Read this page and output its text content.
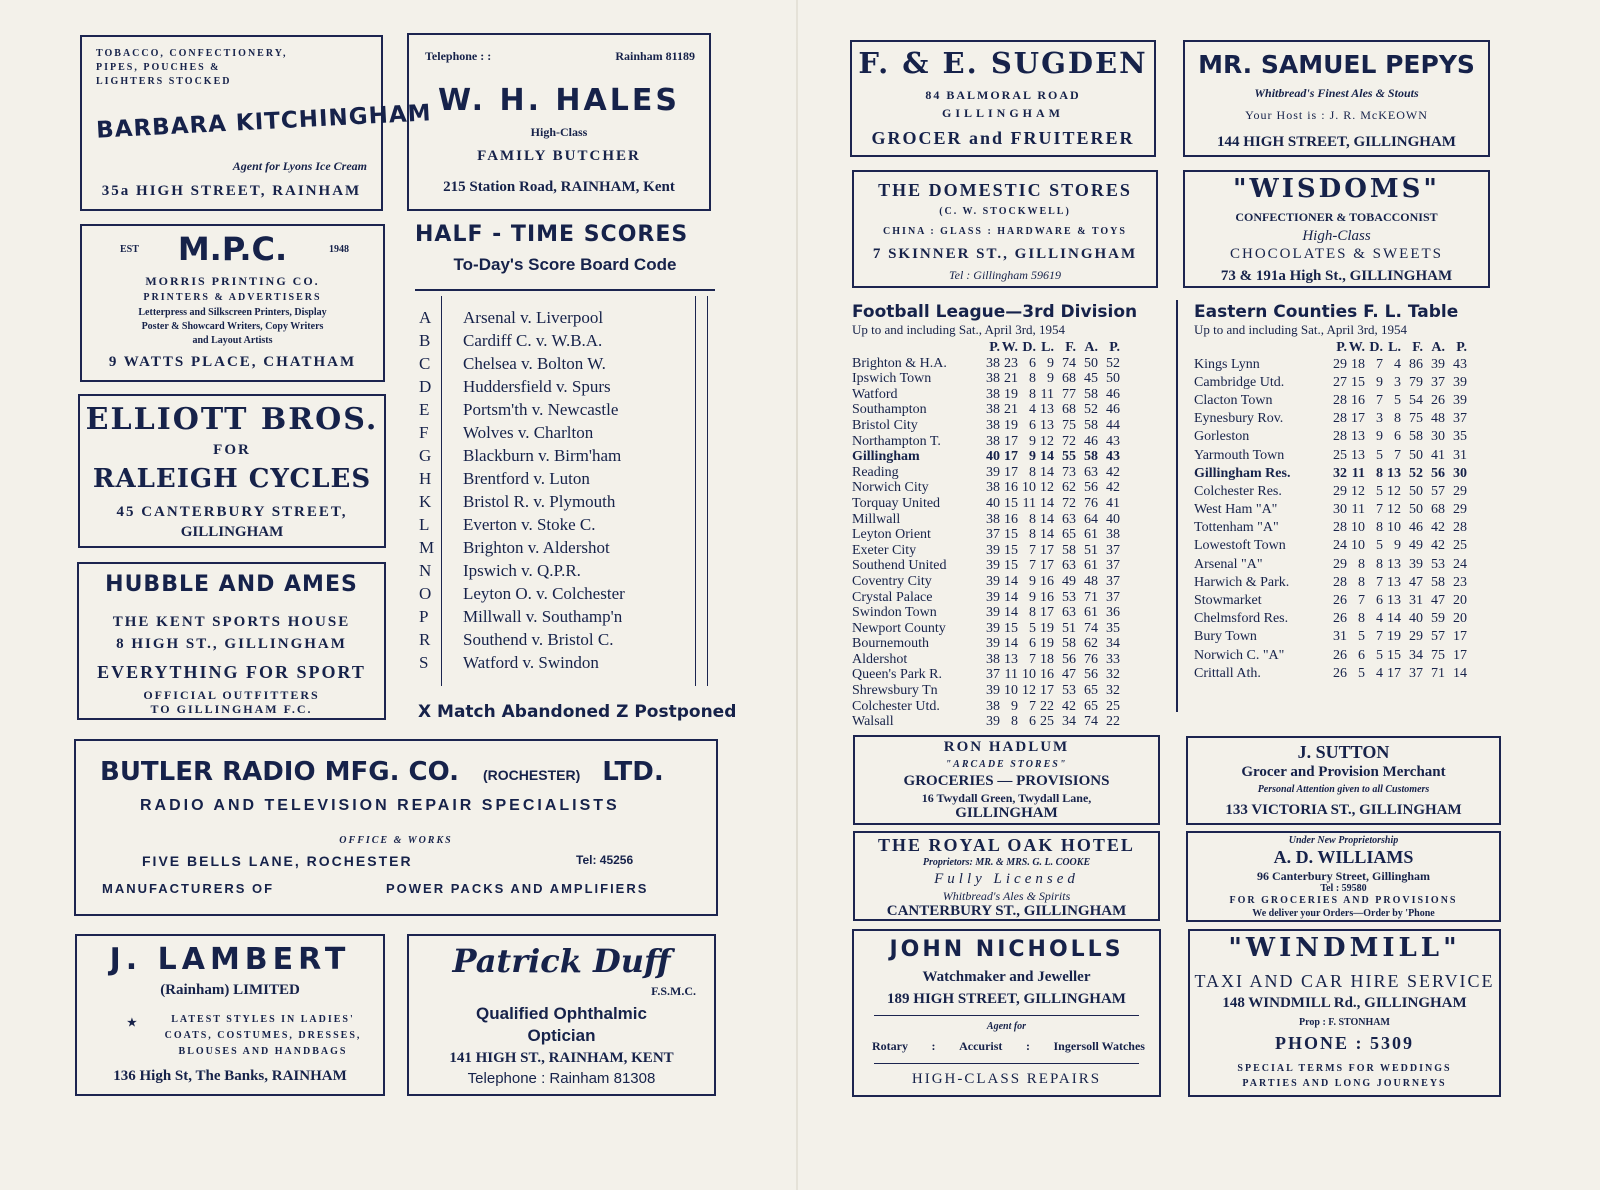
TOBACCO, CONFECTIONERY,
PIPES, POUCHES &
LIGHTERS STOCKED
BARBARA KITCHINGHAM
Agent for Lyons Ice Cream
35a HIGH STREET, RAINHAM
Telephone : :	Rainham 81189
W. H. HALES
High-Class
FAMILY BUTCHER
215 Station Road, RAINHAM, Kent
EST	1948
M.P.C.
MORRIS PRINTING CO.
PRINTERS & ADVERTISERS
Letterpress and Silkscreen Printers, Display
Poster & Showcard Writers, Copy Writers
and Layout Artists
9 WATTS PLACE, CHATHAM
ELLIOTT BROS.
FOR
RALEIGH CYCLES
45 CANTERBURY STREET,
GILLINGHAM
HUBBLE AND AMES
THE KENT SPORTS HOUSE
8 HIGH ST., GILLINGHAM
EVERYTHING FOR SPORT
OFFICIAL OUTFITTERS
TO GILLINGHAM F.C.
BUTLER RADIO MFG. CO. (ROCHESTER) LTD.
RADIO AND TELEVISION REPAIR SPECIALISTS
OFFICE & WORKS
FIVE BELLS LANE, ROCHESTER	Tel: 45256
MANUFACTURERS OF	POWER PACKS AND AMPLIFIERS
J. LAMBERT
(Rainham) LIMITED
★	LATEST STYLES IN LADIES'
COATS, COSTUMES, DRESSES,
BLOUSES AND HANDBAGS
136 High St, The Banks, RAINHAM
Patrick Duff
F.S.M.C.
Qualified Ophthalmic
Optician
141 HIGH ST., RAINHAM, KENT
Telephone : Rainham 81308
HALF - TIME SCORES
To-Day's Score Board Code
A	Arsenal v. Liverpool
B	Cardiff C. v. W.B.A.
C	Chelsea v. Bolton W.
D	Huddersfield v. Spurs
E	Portsm'th v. Newcastle
F	Wolves v. Charlton
G	Blackburn v. Birm'ham
H	Brentford v. Luton
K	Bristol R. v. Plymouth
L	Everton v. Stoke C.
M Brighton v. Aldershot
N	Ipswich v. Q.P.R.
O	Leyton O. v. Colchester
P	Millwall v. Southamp'n
R	Southend v. Bristol C.
S	Watford v. Swindon
X Match Abandoned Z Postponed
F. & E. SUGDEN
84 BALMORAL ROAD
GILLINGHAM
GROCER and FRUITERER
MR. SAMUEL PEPYS
Whitbread's Finest Ales & Stouts
Your Host is : J. R. McKEOWN
144 HIGH STREET, GILLINGHAM
THE DOMESTIC STORES
(C. W. STOCKWELL)
CHINA : GLASS : HARDWARE & TOYS
7 SKINNER ST., GILLINGHAM
Tel : Gillingham 59619
"WISDOMS"
CONFECTIONER & TOBACCONIST
High-Class
CHOCOLATES & SWEETS
73 & 191a High St., GILLINGHAM
Football League—3rd Division
Up to and including Sat., April 3rd, 1954
P. W. D. L. F. A. P.
Brighton & H.A.	38 23 6 9 74 50 52
Ipswich Town	38 21 8 9 68 45 50
Watford	38 19 8 11 77 58 46
Southampton	38 21 4 13 68 52 46
Bristol City	38 19 6 13 75 58 44
Northampton T.	38 17 9 12 72 46 43
Gillingham	40 17 9 14 55 58 43
Reading	39 17 8 14 73 63 42
Norwich City	38 16 10 12 62 56 42
Torquay United	40 15 11 14 72 76 41
Millwall	38 16 8 14 63 64 40
Leyton Orient	37 15 8 14 65 61 38
Exeter City	39 15 7 17 58 51 37
Southend United	39 15 7 17 63 61 37
Coventry City	39 14 9 16 49 48 37
Crystal Palace	39 14 9 16 53 71 37
Swindon Town	39 14 8 17 63 61 36
Newport County	39 15 5 19 51 74 35
Bournemouth	39 14 6 19 58 62 34
Aldershot	38 13 7 18 56 76 33
Queen's Park R.	37 11 10 16 47 56 32
Shrewsbury Tn	39 10 12 17 53 65 32
Colchester Utd.	38 9 7 22 42 65 25
Walsall	39 8 6 25 34 74 22
Eastern Counties F. L. Table
Up to and including Sat., April 3rd, 1954
P. W. D. L. F. A. P.
Kings Lynn	29 18 7 4 86 39 43
Cambridge Utd.	27 15 9 3 79 37 39
Clacton Town	28 16 7 5 54 26 39
Eynesbury Rov.	28 17 3 8 75 48 37
Gorleston	28 13 9 6 58 30 35
Yarmouth Town	25 13 5 7 50 41 31
Gillingham Res.	32 11 8 13 52 56 30
Colchester Res.	29 12 5 12 50 57 29
West Ham "A"	30 11 7 12 50 68 29
Tottenham "A"	28 10 8 10 46 42 28
Lowestoft Town	24 10 5 9 49 42 25
Arsenal "A"	29 8 8 13 39 53 24
Harwich & Park.	28 8 7 13 47 58 23
Stowmarket	26 7 6 13 31 47 20
Chelmsford Res.	26 8 4 14 40 59 20
Bury Town	31 5 7 19 29 57 17
Norwich C. "A"	26 6 5 15 34 75 17
Crittall Ath.	26 5 4 17 37 71 14
RON HADLUM
"ARCADE STORES"
GROCERIES — PROVISIONS
16 Twydall Green, Twydall Lane,
GILLINGHAM
J. SUTTON
Grocer and Provision Merchant
Personal Attention given to all Customers
133 VICTORIA ST., GILLINGHAM
THE ROYAL OAK HOTEL
Proprietors: MR. & MRS. G. L. COOKE
Fully Licensed
Whitbread's Ales & Spirits
CANTERBURY ST., GILLINGHAM
Under New Proprietorship
A. D. WILLIAMS
96 Canterbury Street, Gillingham
Tel : 59580
FOR GROCERIES AND PROVISIONS
We deliver your Orders—Order by 'Phone
JOHN NICHOLLS
Watchmaker and Jeweller
189 HIGH STREET, GILLINGHAM
Agent for
Rotary : Accurist : Ingersoll Watches
HIGH-CLASS REPAIRS
"WINDMILL"
TAXI AND CAR HIRE SERVICE
148 WINDMILL Rd., GILLINGHAM
Prop : F. STONHAM
PHONE : 5309
SPECIAL TERMS FOR WEDDINGS
PARTIES AND LONG JOURNEYS
